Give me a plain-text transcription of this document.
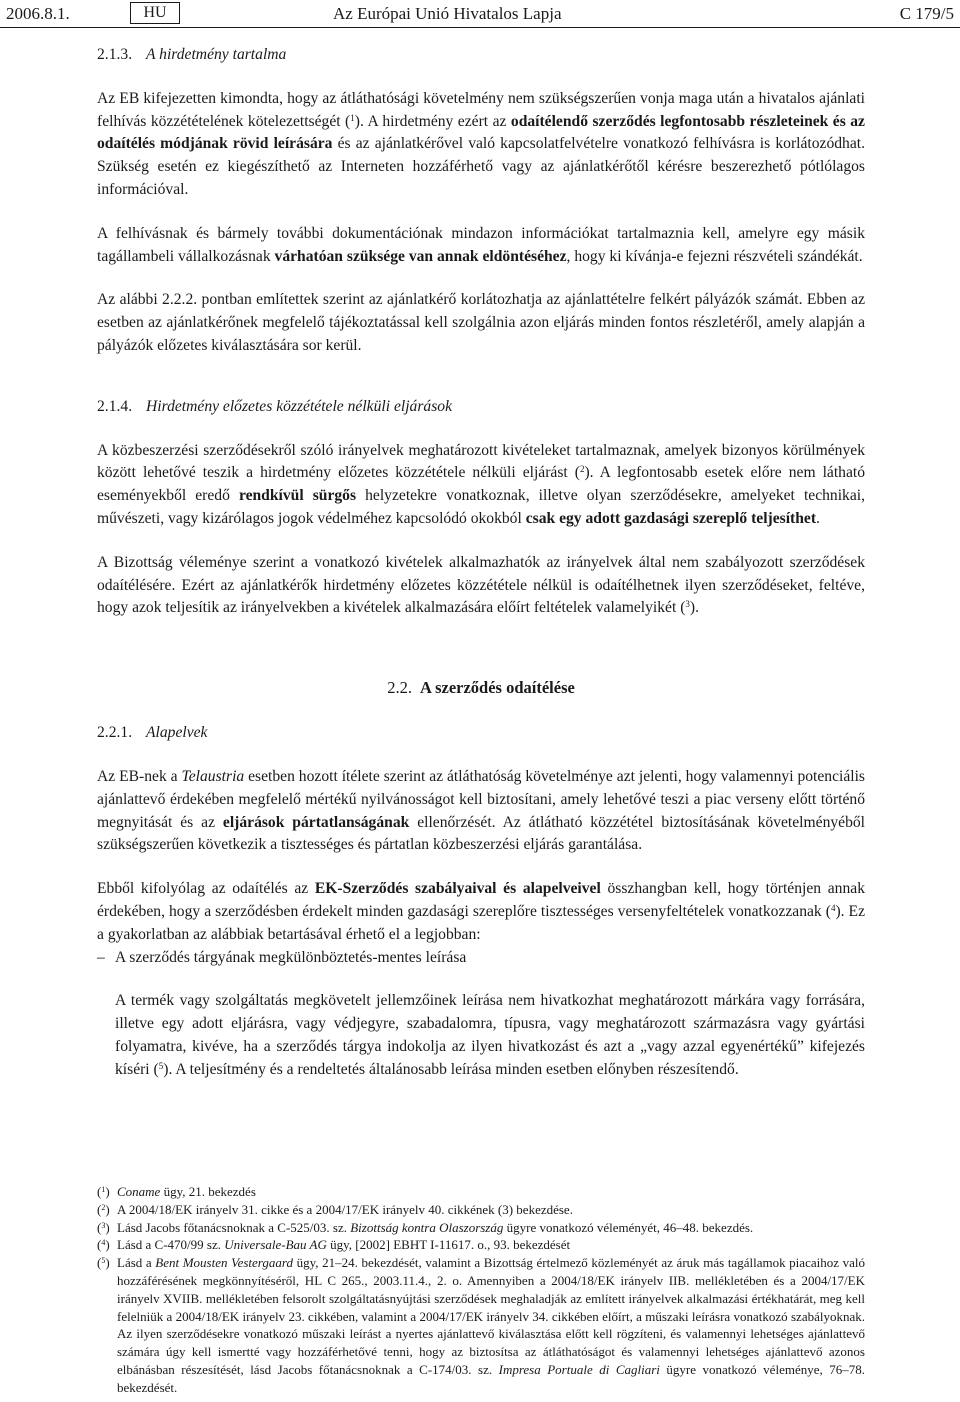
2006.8.1.	HU	Az Európai Unió Hivatalos Lapja	C 179/5
2.1.3. A hirdetmény tartalma

Az EB kifejezetten kimondta, hogy az átláthatósági követelmény nem szükségszerűen vonja maga után a hivatalos ajánlati felhívás közzétételének kötelezettségét ($^1$). A hirdetmény ezért az odaítélendő szerződés legfontosabb részleteinek és az odaítélés módjának rövid leírására és az ajánlatkérővel való kapcsolatfelvételre vonatkozó felhívásra is korlátozódhat. Szükség esetén ez kiegészíthető az Interneten hozzáférhető vagy az ajánlatkérőtől kérésre beszerezhető pótlólagos információval.

A felhívásnak és bármely további dokumentációnak mindazon információkat tartalmaznia kell, amelyre egy másik tagállambeli vállalkozásnak várhatóan szüksége van annak eldöntéséhez, hogy ki kívánja-e fejezni részvételi szándékát.

Az alábbi 2.2.2. pontban említettek szerint az ajánlatkérő korlátozhatja az ajánlattételre felkért pályázók számát. Ebben az esetben az ajánlatkérőnek megfelelő tájékoztatással kell szolgálnia azon eljárás minden fontos részletéről, amely alapján a pályázók előzetes kiválasztására sor kerül.

2.1.4. Hirdetmény előzetes közzététele nélküli eljárások

A közbeszerzési szerződésekről szóló irányelvek meghatározott kivételeket tartalmaznak, amelyek bizonyos körülmények között lehetővé teszik a hirdetmény előzetes közzététele nélküli eljárást ($^2$). A legfontosabb esetek előre nem látható eseményekből eredő rendkívül sürgős helyzetekre vonatkoznak, illetve olyan szerződésekre, amelyeket technikai, művészeti, vagy kizárólagos jogok védelméhez kapcsolódó okokból csak egy adott gazdasági szereplő teljesíthet.

A Bizottság véleménye szerint a vonatkozó kivételek alkalmazhatók az irányelvek által nem szabályozott szerződések odaítélésére. Ezért az ajánlatkérők hirdetmény előzetes közzététele nélkül is odaítélhetnek ilyen szerződéseket, feltéve, hogy azok teljesítik az irányelvekben a kivételek alkalmazására előírt feltételek valamelyikét ($^3$).

2.2. A szerződés odaítélése
2.2.1. Alapelvek

Az EB-nek a Telaustria esetben hozott ítélete szerint az átláthatóság követelménye azt jelenti, hogy valamennyi potenciális ajánlattevő érdekében megfelelő mértékű nyilvánosságot kell biztosítani, amely lehetővé teszi a piac verseny előtt történő megnyitását és az eljárások pártatlanságának ellenőrzését. Az átlátható közzététel biztosításának követelményéből szükségszerűen következik a tisztességes és pártatlan közbeszerzési eljárás garantálása.

Ebből kifolyólag az odaítélés az EK-Szerződés szabályaival és alapelveivel összhangban kell, hogy történjen annak érdekében, hogy a szerződésben érdekelt minden gazdasági szereplőre tisztességes versenyfeltételek vonatkozzanak ($^4$). Ez a gyakorlatban az alábbiak betartásával érhető el a legjobban:

– A szerződés tárgyának megkülönböztetés-mentes leírása

A termék vagy szolgáltatás megkövetelt jellemzőinek leírása nem hivatkozhat meghatározott márkára vagy forrására, illetve egy adott eljárásra, vagy védjegyre, szabadalomra, típusra, vagy meghatározott származásra vagy gyártási folyamatra, kivéve, ha a szerződés tárgya indokolja az ilyen hivatkozást és azt a „vagy azzal egyenértékű” kifejezés kíséri ($^5$). A teljesítmény és a rendeltetés általánosabb leírása minden esetben előnyben részesítendő.

($^1$) Coname ügy, 21. bekezdés

($^2$) A 2004/18/EK irányelv 31. cikke és a 2004/17/EK irányelv 40. cikkének (3) bekezdése.

($^3$) Lásd Jacobs főtanácsnoknak a C-525/03. sz. Bizottság kontra Olaszország ügyre vonatkozó véleményét, 46–48. bekezdés.

($^4$) Lásd a C-470/99 sz. Universale-Bau AG ügy, [2002] EBHT I-11617. o., 93. bekezdését

($^5$) Lásd a Bent Mousten Vestergaard ügy, 21–24. bekezdését, valamint a Bizottság értelmező közleményét az áruk más tagállamok piacaihoz való hozzáférésének megkönnyítéséről, HL C 265., 2003.11.4., 2. o. Amennyiben a 2004/18/EK irányelv IIB. mellékletében és a 2004/17/EK irányelv XVIIB. mellékletében felsorolt szolgáltatásnyújtási szerződések meghaladják az említett irányelvek alkalmazási értékhatárát, meg kell felelniük a 2004/18/EK irányelv 23. cikkében, valamint a 2004/17/EK irányelv 34. cikkében előírt, a műszaki leírásra vonatkozó szabályoknak. Az ilyen szerződésekre vonatkozó műszaki leírást a nyertes ajánlattevő kiválasztása előtt kell rögzíteni, és valamennyi lehetséges ajánlattevő számára úgy kell ismertté vagy hozzáférhetővé tenni, hogy az biztosítsa az átláthatóságot és valamennyi lehetséges ajánlattevő azonos elbánásban részesítését, lásd Jacobs főtanácsnoknak a C-174/03. sz. Impresa Portuale di Cagliari ügyre vonatkozó véleménye, 76–78. bekezdését.
